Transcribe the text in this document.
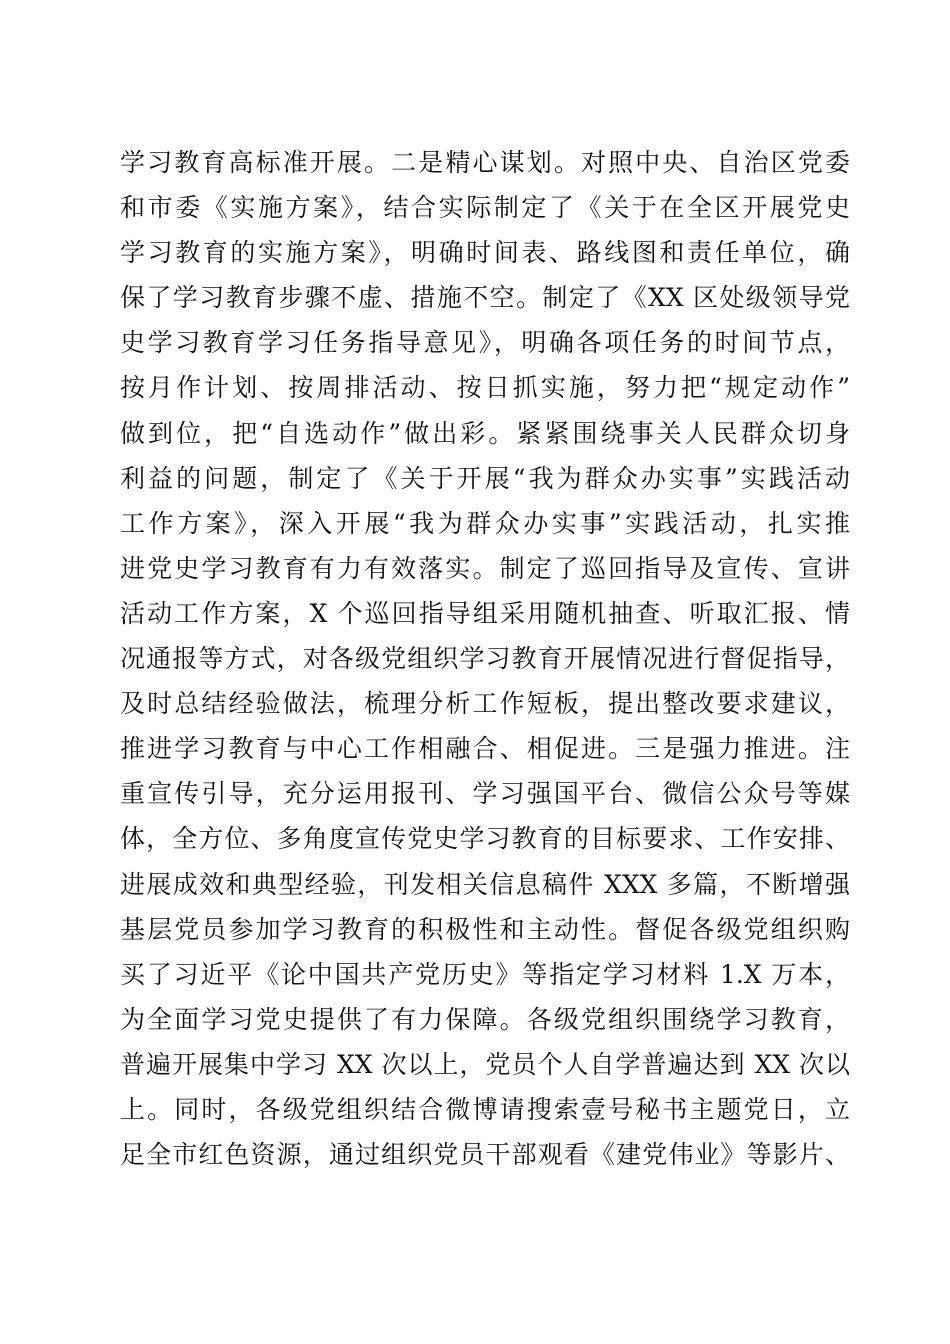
学习教育高标准开展。二是精心谋划。对照中央、自治区党委
和市委《实施方案》，结合实际制定了《关于在全区开展党史
学习教育的实施方案》，明确时间表、路线图和责任单位，确
保了学习教育步骤不虚、措施不空。制定了《XX 区处级领导党
史学习教育学习任务指导意见》，明确各项任务的时间节点，
按月作计划、按周排活动、按日抓实施，努力把“规定动作”
做到位，把“自选动作”做出彩。紧紧围绕事关人民群众切身
利益的问题，制定了《关于开展“我为群众办实事”实践活动
工作方案》，深入开展“我为群众办实事”实践活动，扎实推
进党史学习教育有力有效落实。制定了巡回指导及宣传、宣讲
活动工作方案，X 个巡回指导组采用随机抽查、听取汇报、情
况通报等方式，对各级党组织学习教育开展情况进行督促指导，
及时总结经验做法，梳理分析工作短板，提出整改要求建议，
推进学习教育与中心工作相融合、相促进。三是强力推进。注
重宣传引导，充分运用报刊、学习强国平台、微信公众号等媒
体，全方位、多角度宣传党史学习教育的目标要求、工作安排、
进展成效和典型经验，刊发相关信息稿件 XXX 多篇，不断增强
基层党员参加学习教育的积极性和主动性。督促各级党组织购
买了习近平《论中国共产党历史》等指定学习材料 1.X 万本，
为全面学习党史提供了有力保障。各级党组织围绕学习教育，
普遍开展集中学习 XX 次以上，党员个人自学普遍达到 XX 次以
上。同时，各级党组织结合微博请搜索壹号秘书主题党日，立
足全市红色资源，通过组织党员干部观看《建党伟业》等影片、
